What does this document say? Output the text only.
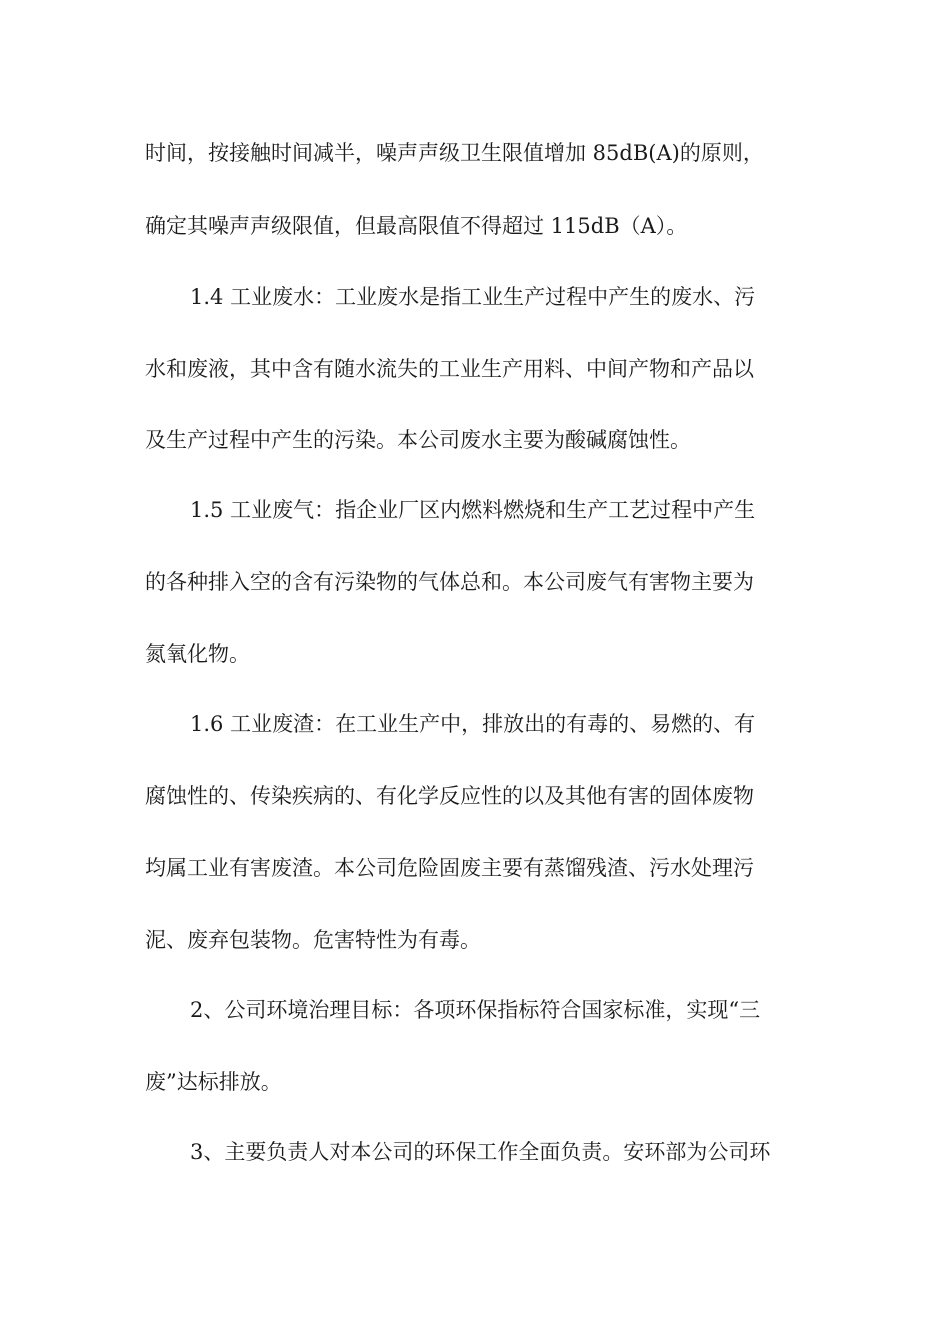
时间，按接触时间减半，噪声声级卫生限值增加 85dB(A)的原则，
确定其噪声声级限值，但最高限值不得超过 115dB（A）。
1.4 工业废水：工业废水是指工业生产过程中产生的废水、污
水和废液，其中含有随水流失的工业生产用料、中间产物和产品以
及生产过程中产生的污染。本公司废水主要为酸碱腐蚀性。
1.5 工业废气：指企业厂区内燃料燃烧和生产工艺过程中产生
的各种排入空的含有污染物的气体总和。本公司废气有害物主要为
氮氧化物。
1.6 工业废渣：在工业生产中，排放出的有毒的、易燃的、有
腐蚀性的、传染疾病的、有化学反应性的以及其他有害的固体废物
均属工业有害废渣。本公司危险固废主要有蒸馏残渣、污水处理污
泥、废弃包装物。危害特性为有毒。
2、公司环境治理目标：各项环保指标符合国家标准，实现“三
废”达标排放。
3、主要负责人对本公司的环保工作全面负责。安环部为公司环
